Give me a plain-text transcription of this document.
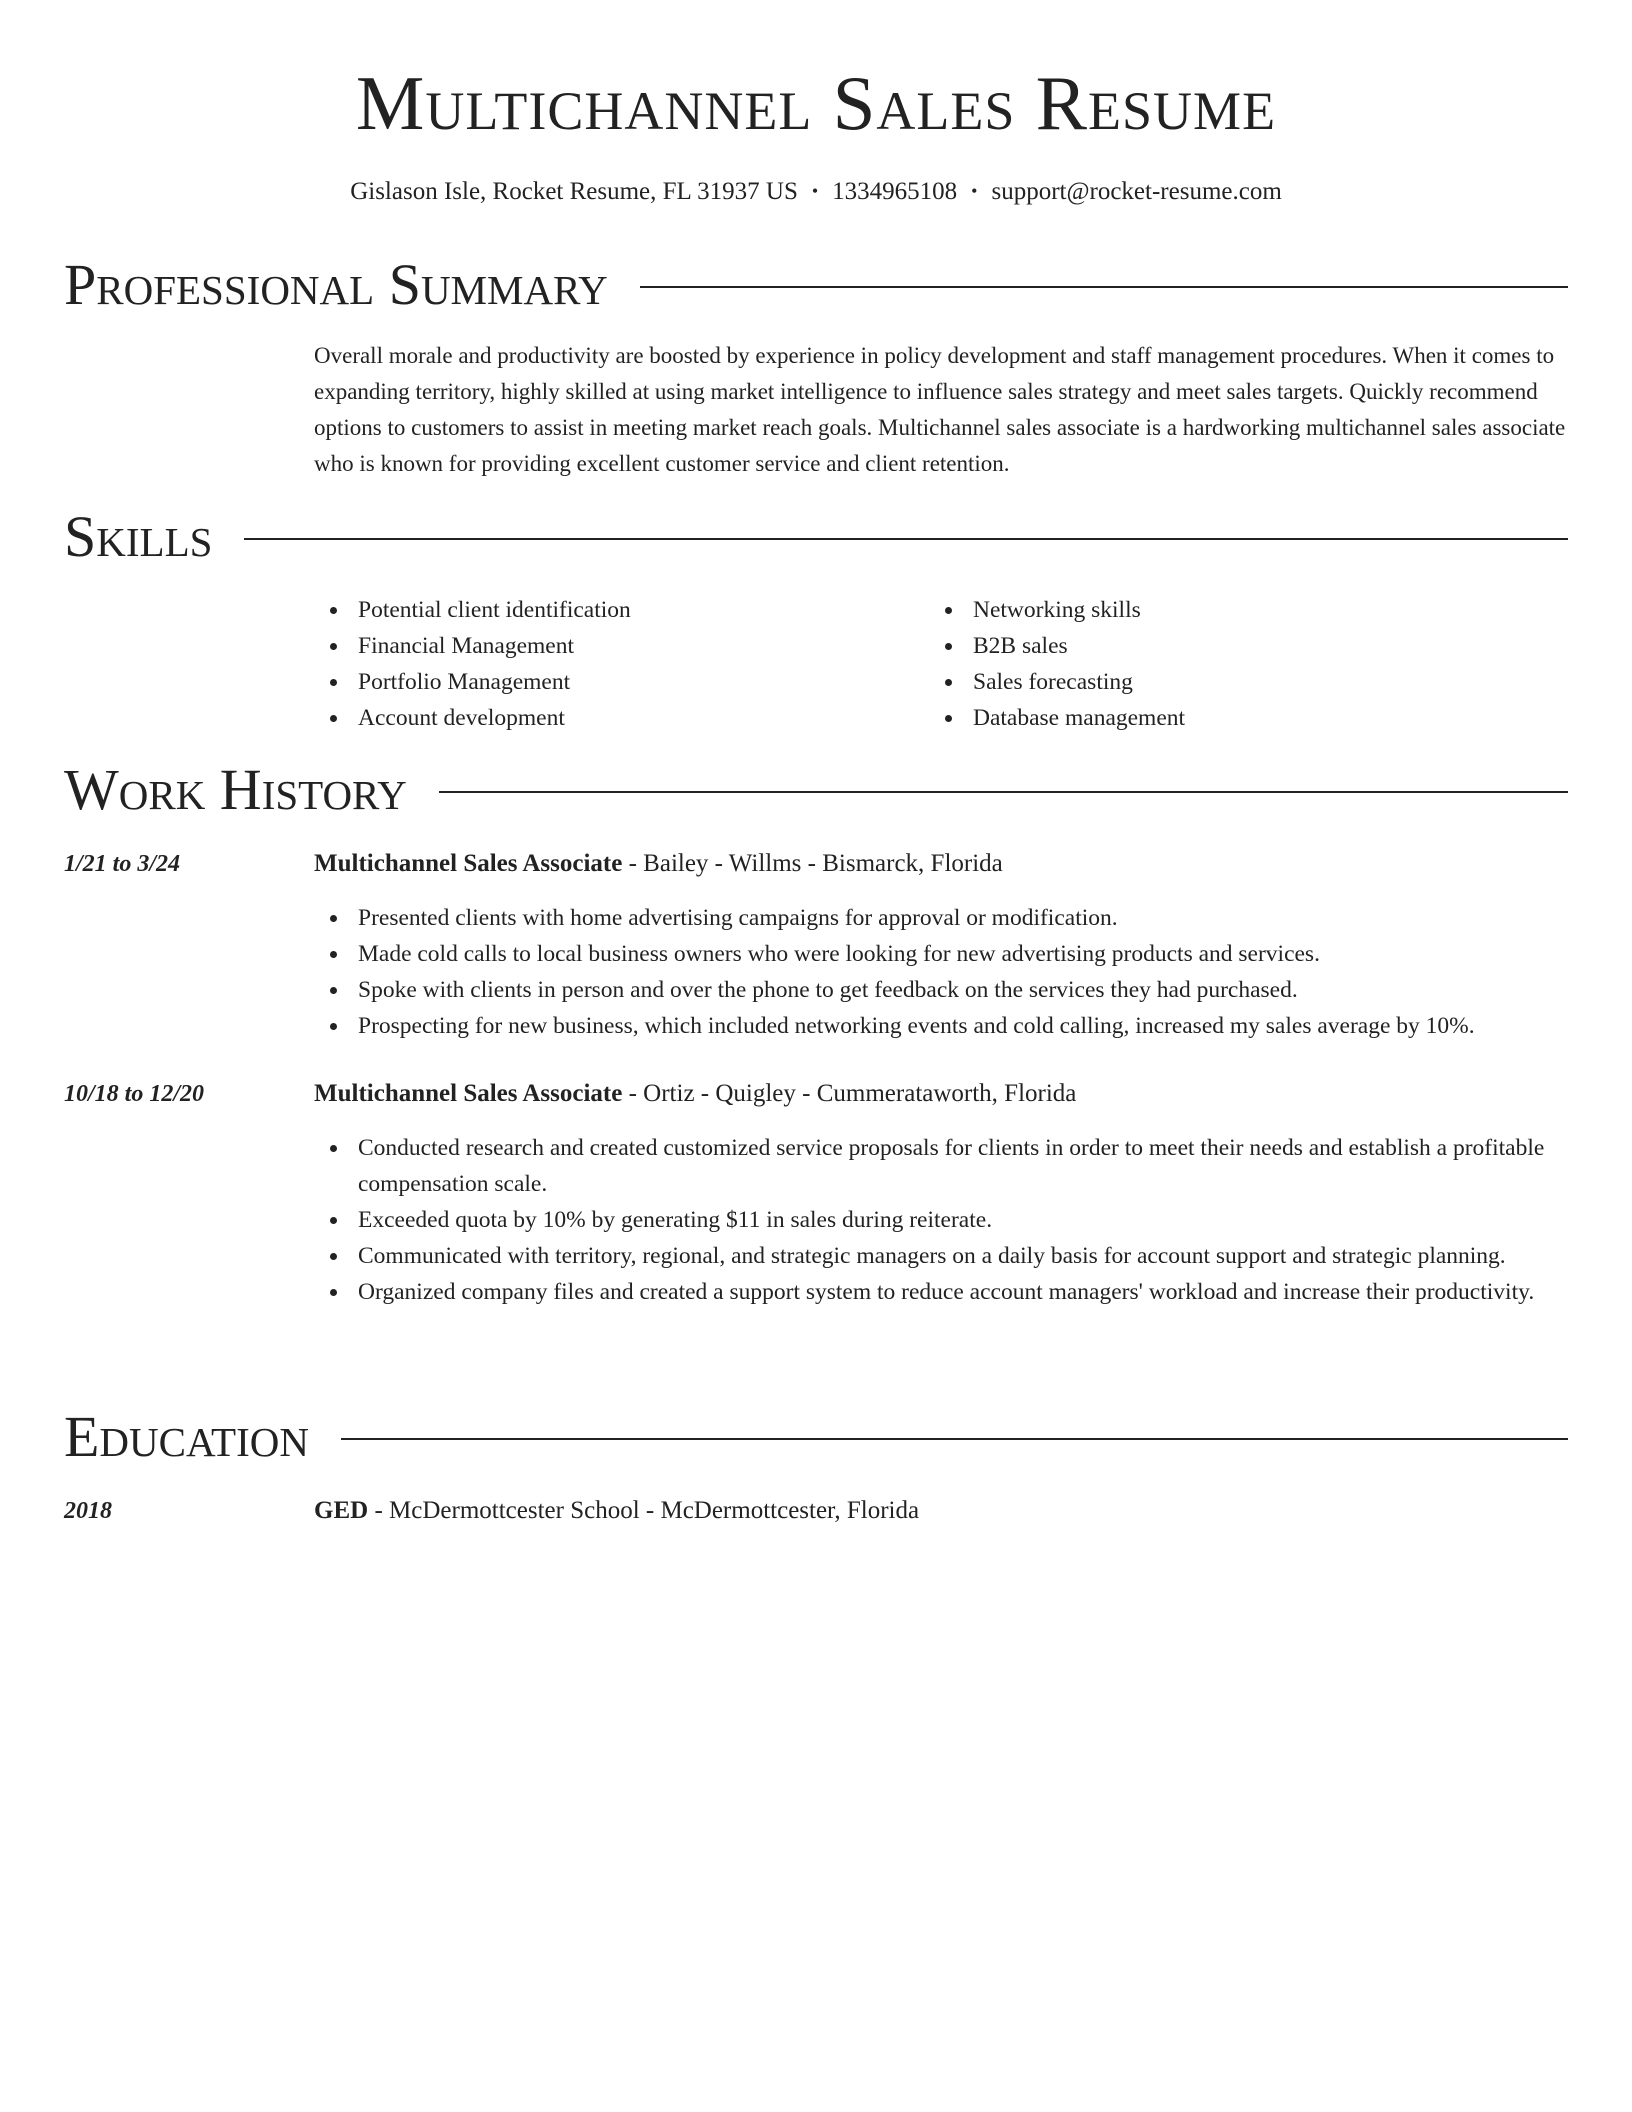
Multichannel Sales Resume
Gislason Isle, Rocket Resume, FL 31937 US • 1334965108 • support@rocket-resume.com
Professional Summary

Overall morale and productivity are boosted by experience in policy development and staff management procedures. When it comes to expanding territory, highly skilled at using market intelligence to influence sales strategy and meet sales targets. Quickly recommend options to customers to assist in meeting market reach goals. Multichannel sales associate is a hardworking multichannel sales associate who is known for providing excellent customer service and client retention.

Skills
Potential client identification
Financial Management
Portfolio Management
Account development
Networking skills
B2B sales
Sales forecasting
Database management
Work History
1/21 to 3/24	Multichannel Sales Associate - Bailey - Willms - Bismarck, Florida
Presented clients with home advertising campaigns for approval or modification.
Made cold calls to local business owners who were looking for new advertising products and services.
Spoke with clients in person and over the phone to get feedback on the services they had purchased.
Prospecting for new business, which included networking events and cold calling, increased my sales average by 10%.
10/18 to 12/20	Multichannel Sales Associate - Ortiz - Quigley - Cummerataworth, Florida
Conducted research and created customized service proposals for clients in order to meet their needs and establish a profitable compensation scale.
Exceeded quota by 10% by generating $11 in sales during reiterate.
Communicated with territory, regional, and strategic managers on a daily basis for account support and strategic planning.
Organized company files and created a support system to reduce account managers' workload and increase their productivity.
Education
2018	GED - McDermottcester School - McDermottcester, Florida
